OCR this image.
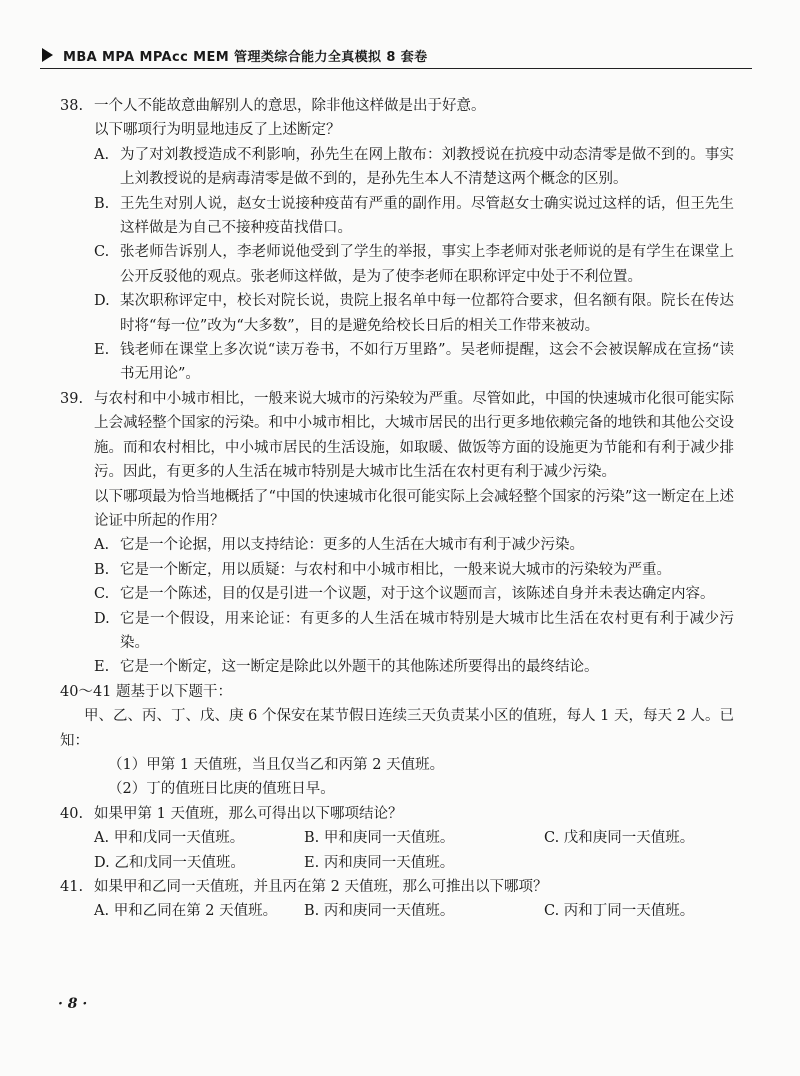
MBA MPA MPAcc MEM 管理类综合能力全真模拟 8 套卷
38. 一个人不能故意曲解别人的意思，除非他这样做是出于好意。
以下哪项行为明显地违反了上述断定？
A. 为了对刘教授造成不利影响，孙先生在网上散布：刘教授说在抗疫中动态清零是做不到的。事实上刘教授说的是病毒清零是做不到的，是孙先生本人不清楚这两个概念的区别。
B. 王先生对别人说，赵女士说接种疫苗有严重的副作用。尽管赵女士确实说过这样的话，但王先生这样做是为自己不接种疫苗找借口。
C. 张老师告诉别人，李老师说他受到了学生的举报，事实上李老师对张老师说的是有学生在课堂上公开反驳他的观点。张老师这样做，是为了使李老师在职称评定中处于不利位置。
D. 某次职称评定中，校长对院长说，贵院上报名单中每一位都符合要求，但名额有限。院长在传达时将“每一位”改为“大多数”，目的是避免给校长日后的相关工作带来被动。
E. 钱老师在课堂上多次说“读万卷书，不如行万里路”。吴老师提醒，这会不会被误解成在宣扬“读书无用论”。
39. 与农村和中小城市相比，一般来说大城市的污染较为严重。尽管如此，中国的快速城市化很可能实际上会减轻整个国家的污染。和中小城市相比，大城市居民的出行更多地依赖完备的地铁和其他公交设施。而和农村相比，中小城市居民的生活设施，如取暖、做饭等方面的设施更为节能和有利于减少排污。因此，有更多的人生活在城市特别是大城市比生活在农村更有利于减少污染。
以下哪项最为恰当地概括了“中国的快速城市化很可能实际上会减轻整个国家的污染”这一断定在上述论证中所起的作用？
A. 它是一个论据，用以支持结论：更多的人生活在大城市有利于减少污染。
B. 它是一个断定，用以质疑：与农村和中小城市相比，一般来说大城市的污染较为严重。
C. 它是一个陈述，目的仅是引进一个议题，对于这个议题而言，该陈述自身并未表达确定内容。
D. 它是一个假设，用来论证：有更多的人生活在城市特别是大城市比生活在农村更有利于减少污染。
E. 它是一个断定，这一断定是除此以外题干的其他陈述所要得出的最终结论。
40～41 题基于以下题干：
甲、乙、丙、丁、戊、庚 6 个保安在某节假日连续三天负责某小区的值班，每人 1 天，每天 2 人。已知：
（1）甲第 1 天值班，当且仅当乙和丙第 2 天值班。
（2）丁的值班日比庚的值班日早。
40. 如果甲第 1 天值班，那么可得出以下哪项结论？
A. 甲和戊同一天值班。	B. 甲和庚同一天值班。	C. 戊和庚同一天值班。
D. 乙和戊同一天值班。	E. 丙和庚同一天值班。
41. 如果甲和乙同一天值班，并且丙在第 2 天值班，那么可推出以下哪项？
A. 甲和乙同在第 2 天值班。	B. 丙和庚同一天值班。	C. 丙和丁同一天值班。
· 8 ·
